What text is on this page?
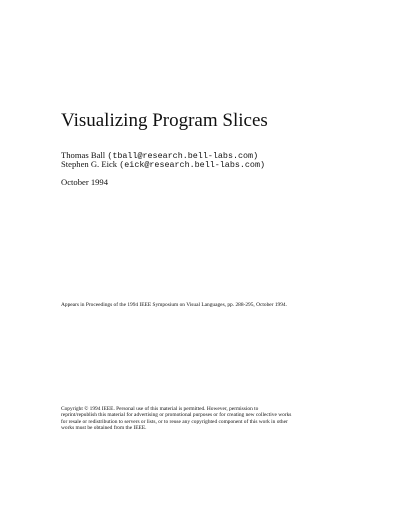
Visualizing Program Slices
Thomas Ball (tball@research.bell-labs.com)
Stephen G. Eick (eick@research.bell-labs.com)
October 1994
Appears in Proceedings of the 1994 IEEE Symposium on Visual Languages, pp. 288-295, October 1994.
Copyright © 1994 IEEE. Personal use of this material is permitted. However, permission to
reprint/republish this material for advertising or promotional purposes or for creating new collective works
for resale or redistribution to servers or lists, or to reuse any copyrighted component of this work in other
works must be obtained from the IEEE.
